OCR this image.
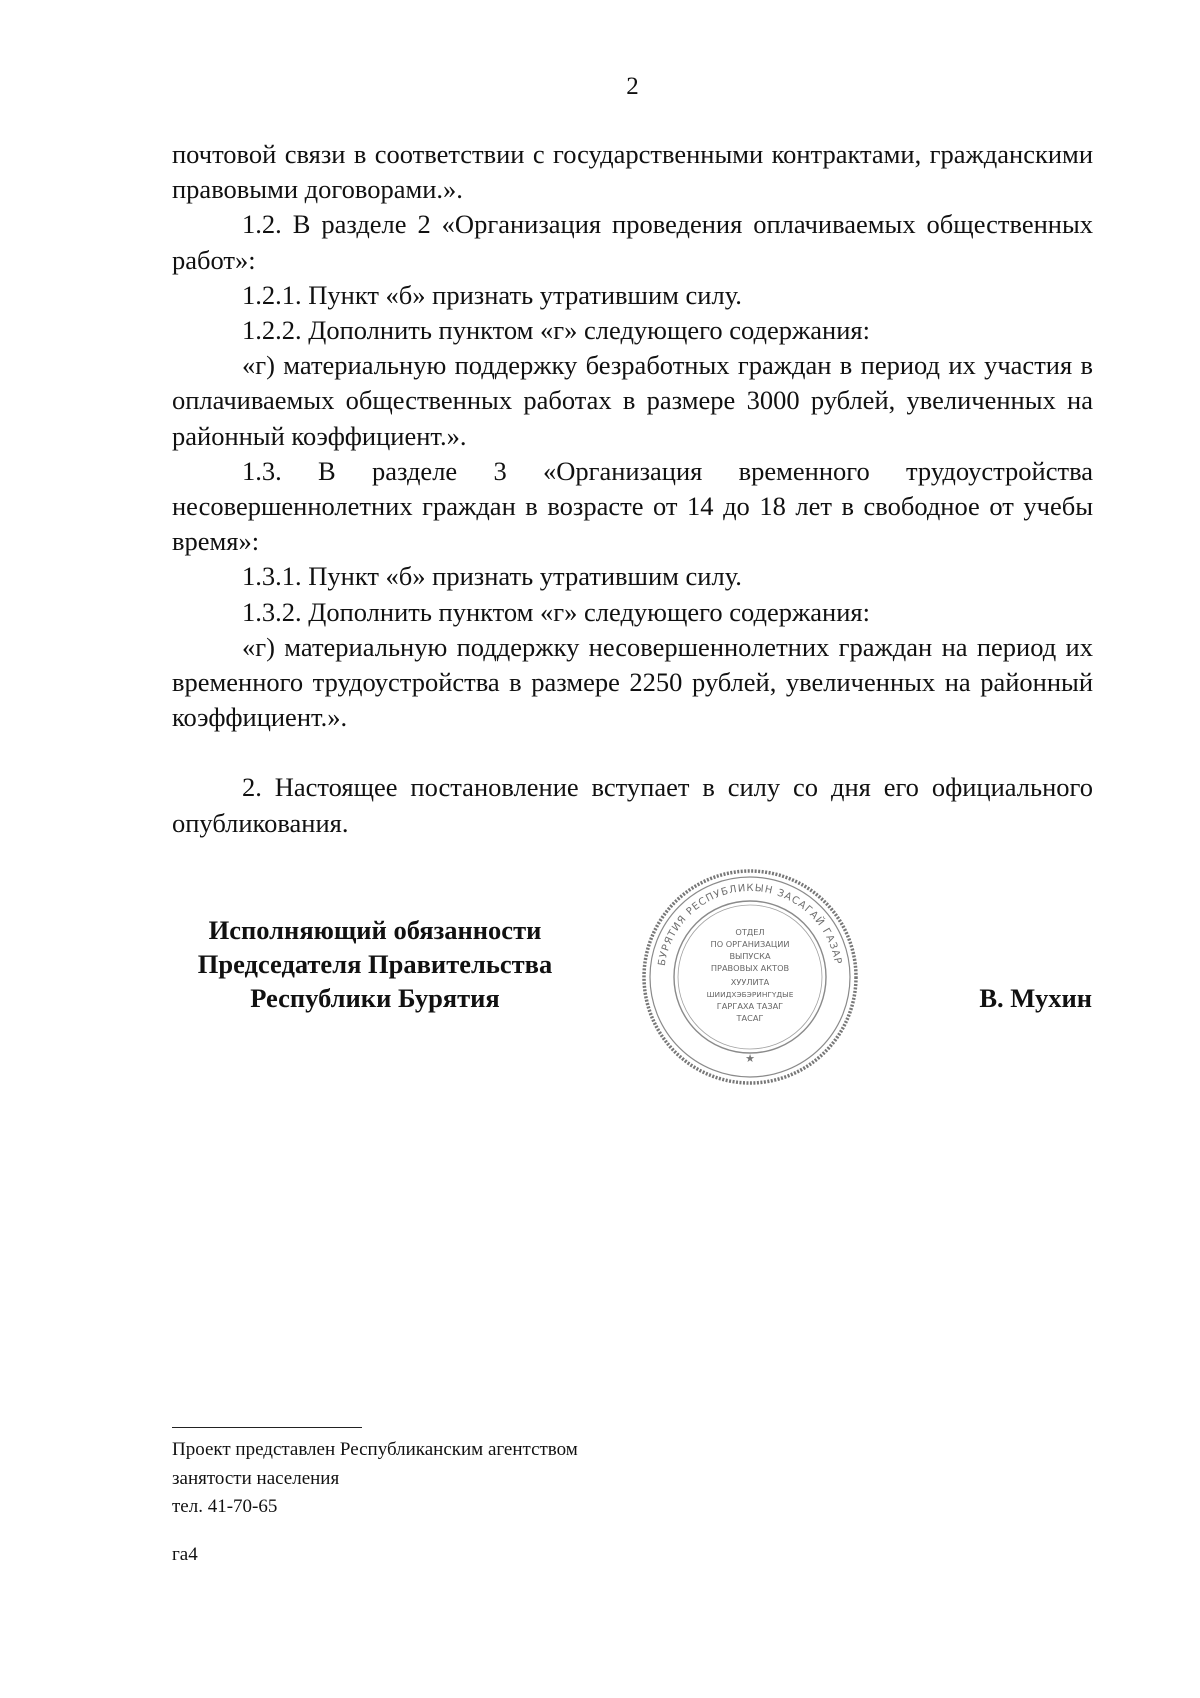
2

почтовой связи в соответствии с государственными контрактами, гражданскими правовыми договорами.».

1.2. В разделе 2 «Организация проведения оплачиваемых общественных работ»:

1.2.1. Пункт «б» признать утратившим силу.

1.2.2. Дополнить пунктом «г» следующего содержания:

«г) материальную поддержку безработных граждан в период их участия в оплачиваемых общественных работах в размере 3000 рублей, увеличенных на районный коэффициент.».

1.3. В разделе 3 «Организация временного трудоустройства несовершеннолетних граждан в возрасте от 14 до 18 лет в свободное от учебы время»:

1.3.1. Пункт «б» признать утратившим силу.

1.3.2. Дополнить пунктом «г» следующего содержания:

«г) материальную поддержку несовершеннолетних граждан на период их временного трудоустройства в размере 2250 рублей, увеличенных на районный коэффициент.».

2. Настоящее постановление вступает в силу со дня его официального опубликования.

Исполняющий обязанности
Председателя Правительства
Республики Бурятия
БУРЯТИЯ РЕСПУБЛИКЫН ЗАСАГАЙ ГАЗАР
★
ОТДЕЛ
ПО ОРГАНИЗАЦИИ
ВЫПУСКА
ПРАВОВЫХ АКТОВ
ХУУЛИТА
ШИИДХЭБЭРИНГҮДЫЕ
ГАРГАХА ТАЗАГ
ТАСАГ
В. Мухин
Проект представлен Республиканским агентством
занятости населения
тел. 41-70-65
га4
